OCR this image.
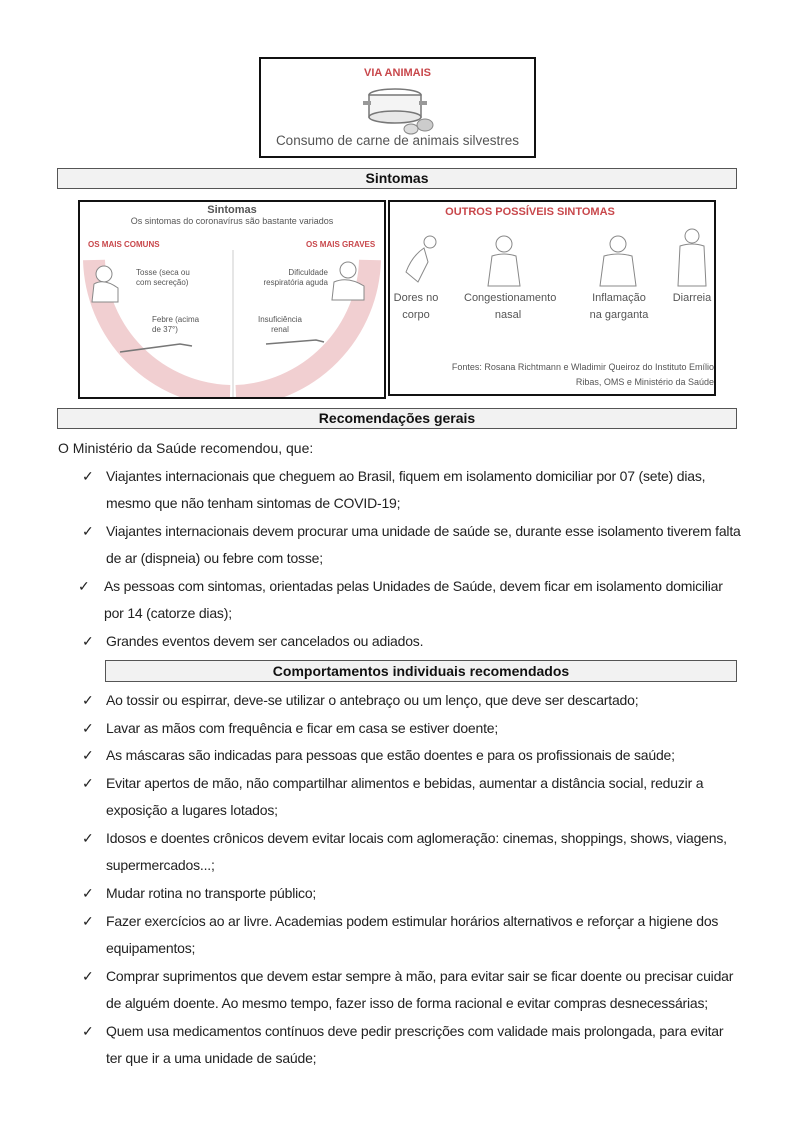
VIA ANIMAIS
Consumo de carne de animais silvestres
Sintomas
Sintomas
Os sintomas do coronavírus são bastante variados
OS MAIS COMUNS	OS MAIS GRAVES
Tosse (seca ou com secreção)
Febre (acima de 37°)
Dificuldade respiratória aguda
Insuficiência renal
OUTROS POSSÍVEIS SINTOMAS
Dores no corpo
Congestionamento nasal
Inflamação na garganta
Diarreia
Fontes: Rosana Richtmann e Wladimir Queiroz do Instituto Emílio Ribas, OMS e Ministério da Saúde
Recomendações gerais
O Ministério da Saúde recomendou, que:
✓ Viajantes internacionais que cheguem ao Brasil, fiquem em isolamento domiciliar por 07 (sete) dias, mesmo que não tenham sintomas de COVID-19;
✓ Viajantes internacionais devem procurar uma unidade de saúde se, durante esse isolamento tiverem falta de ar (dispneia) ou febre com tosse;
✓ As pessoas com sintomas, orientadas pelas Unidades de Saúde, devem ficar em isolamento domiciliar por 14 (catorze dias);
✓ Grandes eventos devem ser cancelados ou adiados.
Comportamentos individuais recomendados
✓ Ao tossir ou espirrar, deve-se utilizar o antebraço ou um lenço, que deve ser descartado;
✓ Lavar as mãos com frequência e ficar em casa se estiver doente;
✓ As máscaras são indicadas para pessoas que estão doentes e para os profissionais de saúde;
✓ Evitar apertos de mão, não compartilhar alimentos e bebidas, aumentar a distância social, reduzir a exposição a lugares lotados;
✓ Idosos e doentes crônicos devem evitar locais com aglomeração: cinemas, shoppings, shows, viagens, supermercados...;
✓ Mudar rotina no transporte público;
✓ Fazer exercícios ao ar livre. Academias podem estimular horários alternativos e reforçar a higiene dos equipamentos;
✓ Comprar suprimentos que devem estar sempre à mão, para evitar sair se ficar doente ou precisar cuidar de alguém doente. Ao mesmo tempo, fazer isso de forma racional e evitar compras desnecessárias;
✓ Quem usa medicamentos contínuos deve pedir prescrições com validade mais prolongada, para evitar ter que ir a uma unidade de saúde;
